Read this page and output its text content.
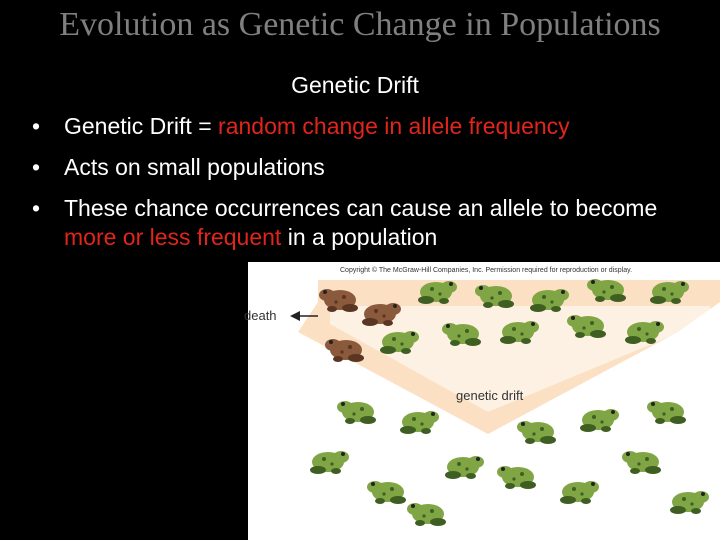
Evolution as Genetic Change in Populations
Genetic Drift
• Genetic Drift = random change in allele frequency
• Acts on small populations
• These chance occurrences can cause an allele to become more or less frequent in a population
Copyright © The McGraw-Hill Companies, Inc. Permission required for reproduction or display.
death
genetic drift
